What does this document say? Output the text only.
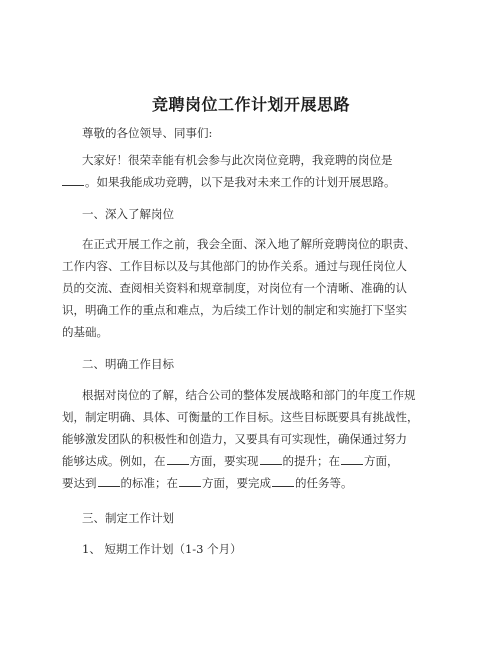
竞聘岗位工作计划开展思路
尊敬的各位领导、同事们:
大家好！很荣幸能有机会参与此次岗位竞聘，我竞聘的岗位是
。如果我能成功竞聘，以下是我对未来工作的计划开展思路。
一、深入了解岗位
在正式开展工作之前，我会全面、深入地了解所竞聘岗位的职责、
工作内容、工作目标以及与其他部门的协作关系。通过与现任岗位人
员的交流、查阅相关资料和规章制度，对岗位有一个清晰、准确的认
识，明确工作的重点和难点，为后续工作计划的制定和实施打下坚实
的基础。
二、明确工作目标
根据对岗位的了解，结合公司的整体发展战略和部门的年度工作规
划，制定明确、具体、可衡量的工作目标。这些目标既要具有挑战性，
能够激发团队的积极性和创造力，又要具有可实现性，确保通过努力
能够达成。例如，在 方面，要实现 的提升；在 方面，
要达到 的标准；在 方面，要完成 的任务等。
三、制定工作计划
1、 短期工作计划（1-3 个月）
